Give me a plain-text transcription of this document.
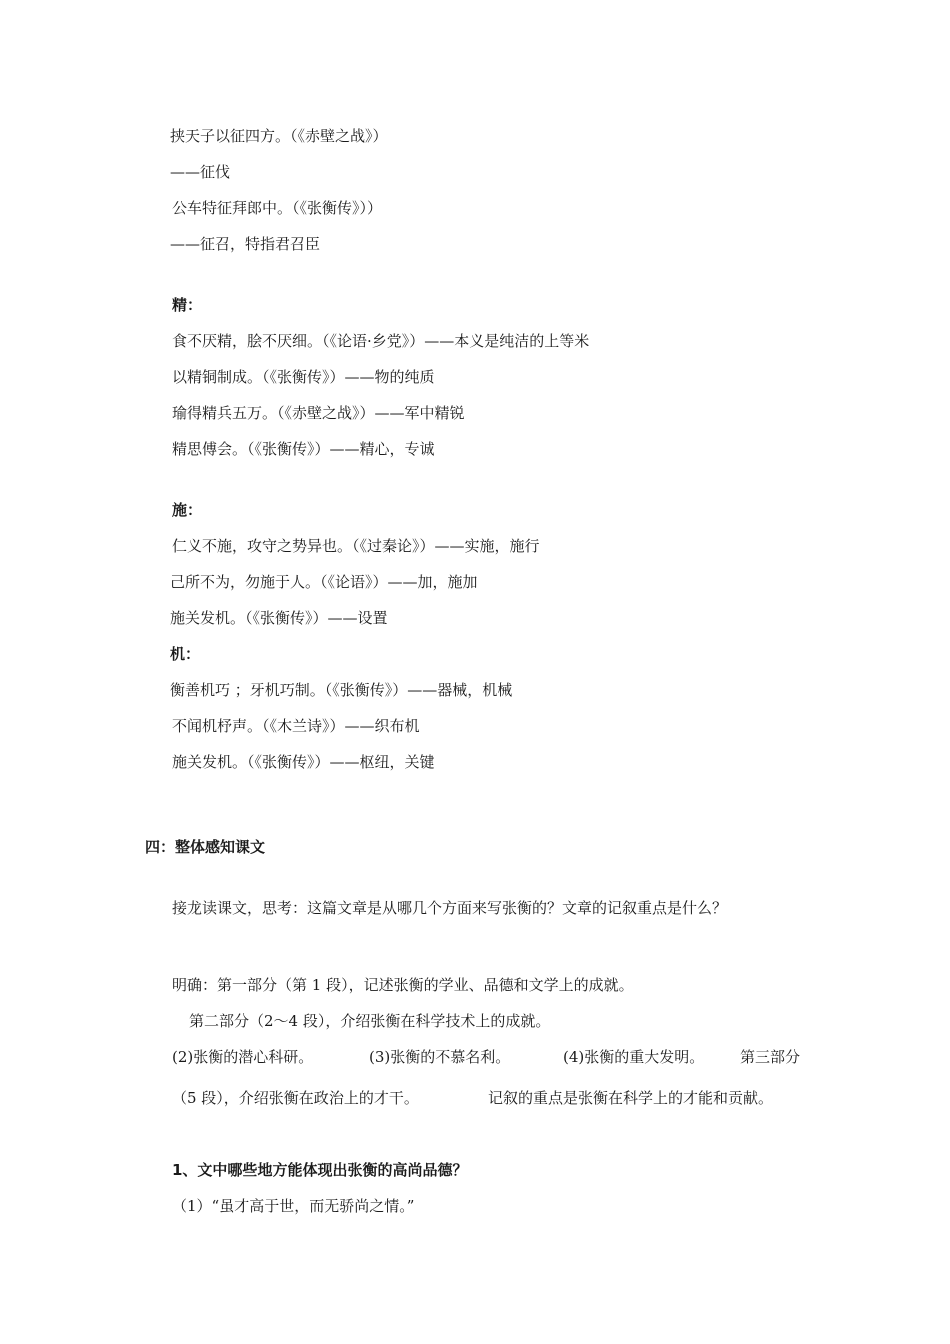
挟天子以征四方。（《赤壁之战》）
——征伐
公车特征拜郎中。（《张衡传》））
——征召，特指君召臣
精：
食不厌精，脍不厌细。（《论语·乡党》）——本义是纯洁的上等米
以精铜制成。（《张衡传》）——物的纯质
瑜得精兵五万。（《赤壁之战》）——军中精锐
精思傅会。（《张衡传》）——精心，专诚
施：
仁义不施，攻守之势异也。（《过秦论》）——实施，施行
己所不为，勿施于人。（《论语》）——加，施加
施关发机。（《张衡传》）——设置
机：
衡善机巧 ；牙机巧制。（《张衡传》）——器械，机械
不闻机杼声。（《木兰诗》）——织布机
施关发机。（《张衡传》）——枢纽，关键
四：整体感知课文
接龙读课文，思考：这篇文章是从哪几个方面来写张衡的？文章的记叙重点是什么？
明确：第一部分（第 1 段），记述张衡的学业、品德和文学上的成就。
第二部分（2～4 段），介绍张衡在科学技术上的成就。
(2)张衡的潜心科研。	(3)张衡的不慕名利。	(4)张衡的重大发明。 第三部分
（5 段），介绍张衡在政治上的才干。	记叙的重点是张衡在科学上的才能和贡献。
1、文中哪些地方能体现出张衡的高尚品德？
（1）“虽才高于世，而无骄尚之情。”
